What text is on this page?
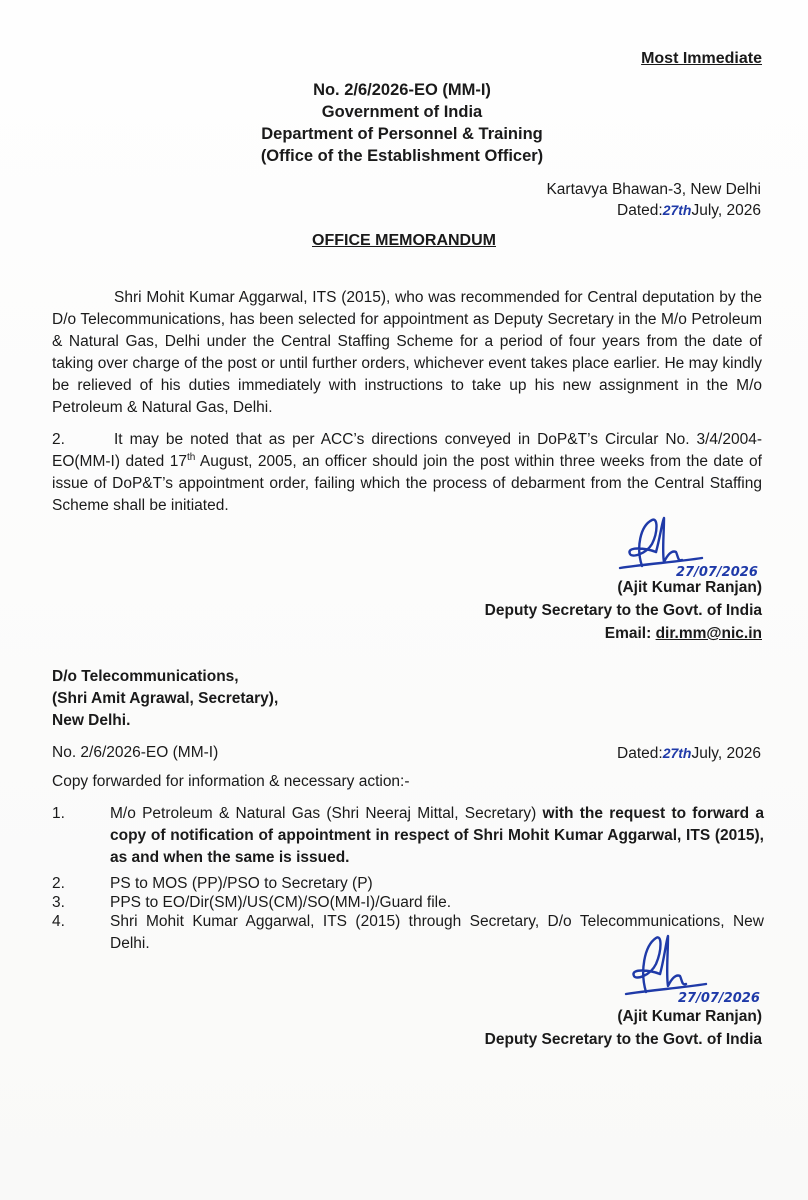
Most Immediate
No. 2/6/2026-EO (MM-I)
Government of India
Department of Personnel & Training
(Office of the Establishment Officer)
Kartavya Bhawan-3, New Delhi
Dated:27thJuly, 2026
OFFICE MEMORANDUM
Shri Mohit Kumar Aggarwal, ITS (2015), who was recommended for Central deputation by the D/o Telecommunications, has been selected for appointment as Deputy Secretary in the M/o Petroleum & Natural Gas, Delhi under the Central Staffing Scheme for a period of four years from the date of taking over charge of the post or until further orders, whichever event takes place earlier. He may kindly be relieved of his duties immediately with instructions to take up his new assignment in the M/o Petroleum & Natural Gas, Delhi.
2.	It may be noted that as per ACC’s directions conveyed in DoP&T’s Circular No. 3/4/2004-EO(MM-I) dated 17th August, 2005, an officer should join the post within three weeks from the date of issue of DoP&T’s appointment order, failing which the process of debarment from the Central Staffing Scheme shall be initiated.
27/07/2026
(Ajit Kumar Ranjan)
Deputy Secretary to the Govt. of India
Email: dir.mm@nic.in
D/o Telecommunications,
(Shri Amit Agrawal, Secretary),
New Delhi.
No. 2/6/2026-EO (MM-I)	Dated:27thJuly, 2026
Copy forwarded for information & necessary action:-
1.	M/o Petroleum & Natural Gas (Shri Neeraj Mittal, Secretary) with the request to forward a copy of notification of appointment in respect of Shri Mohit Kumar Aggarwal, ITS (2015), as and when the same is issued.
2.	PS to MOS (PP)/PSO to Secretary (P)
3.	PPS to EO/Dir(SM)/US(CM)/SO(MM-I)/Guard file.
4.	Shri Mohit Kumar Aggarwal, ITS (2015) through Secretary, D/o Telecommunications, New Delhi.
27/07/2026
(Ajit Kumar Ranjan)
Deputy Secretary to the Govt. of India
